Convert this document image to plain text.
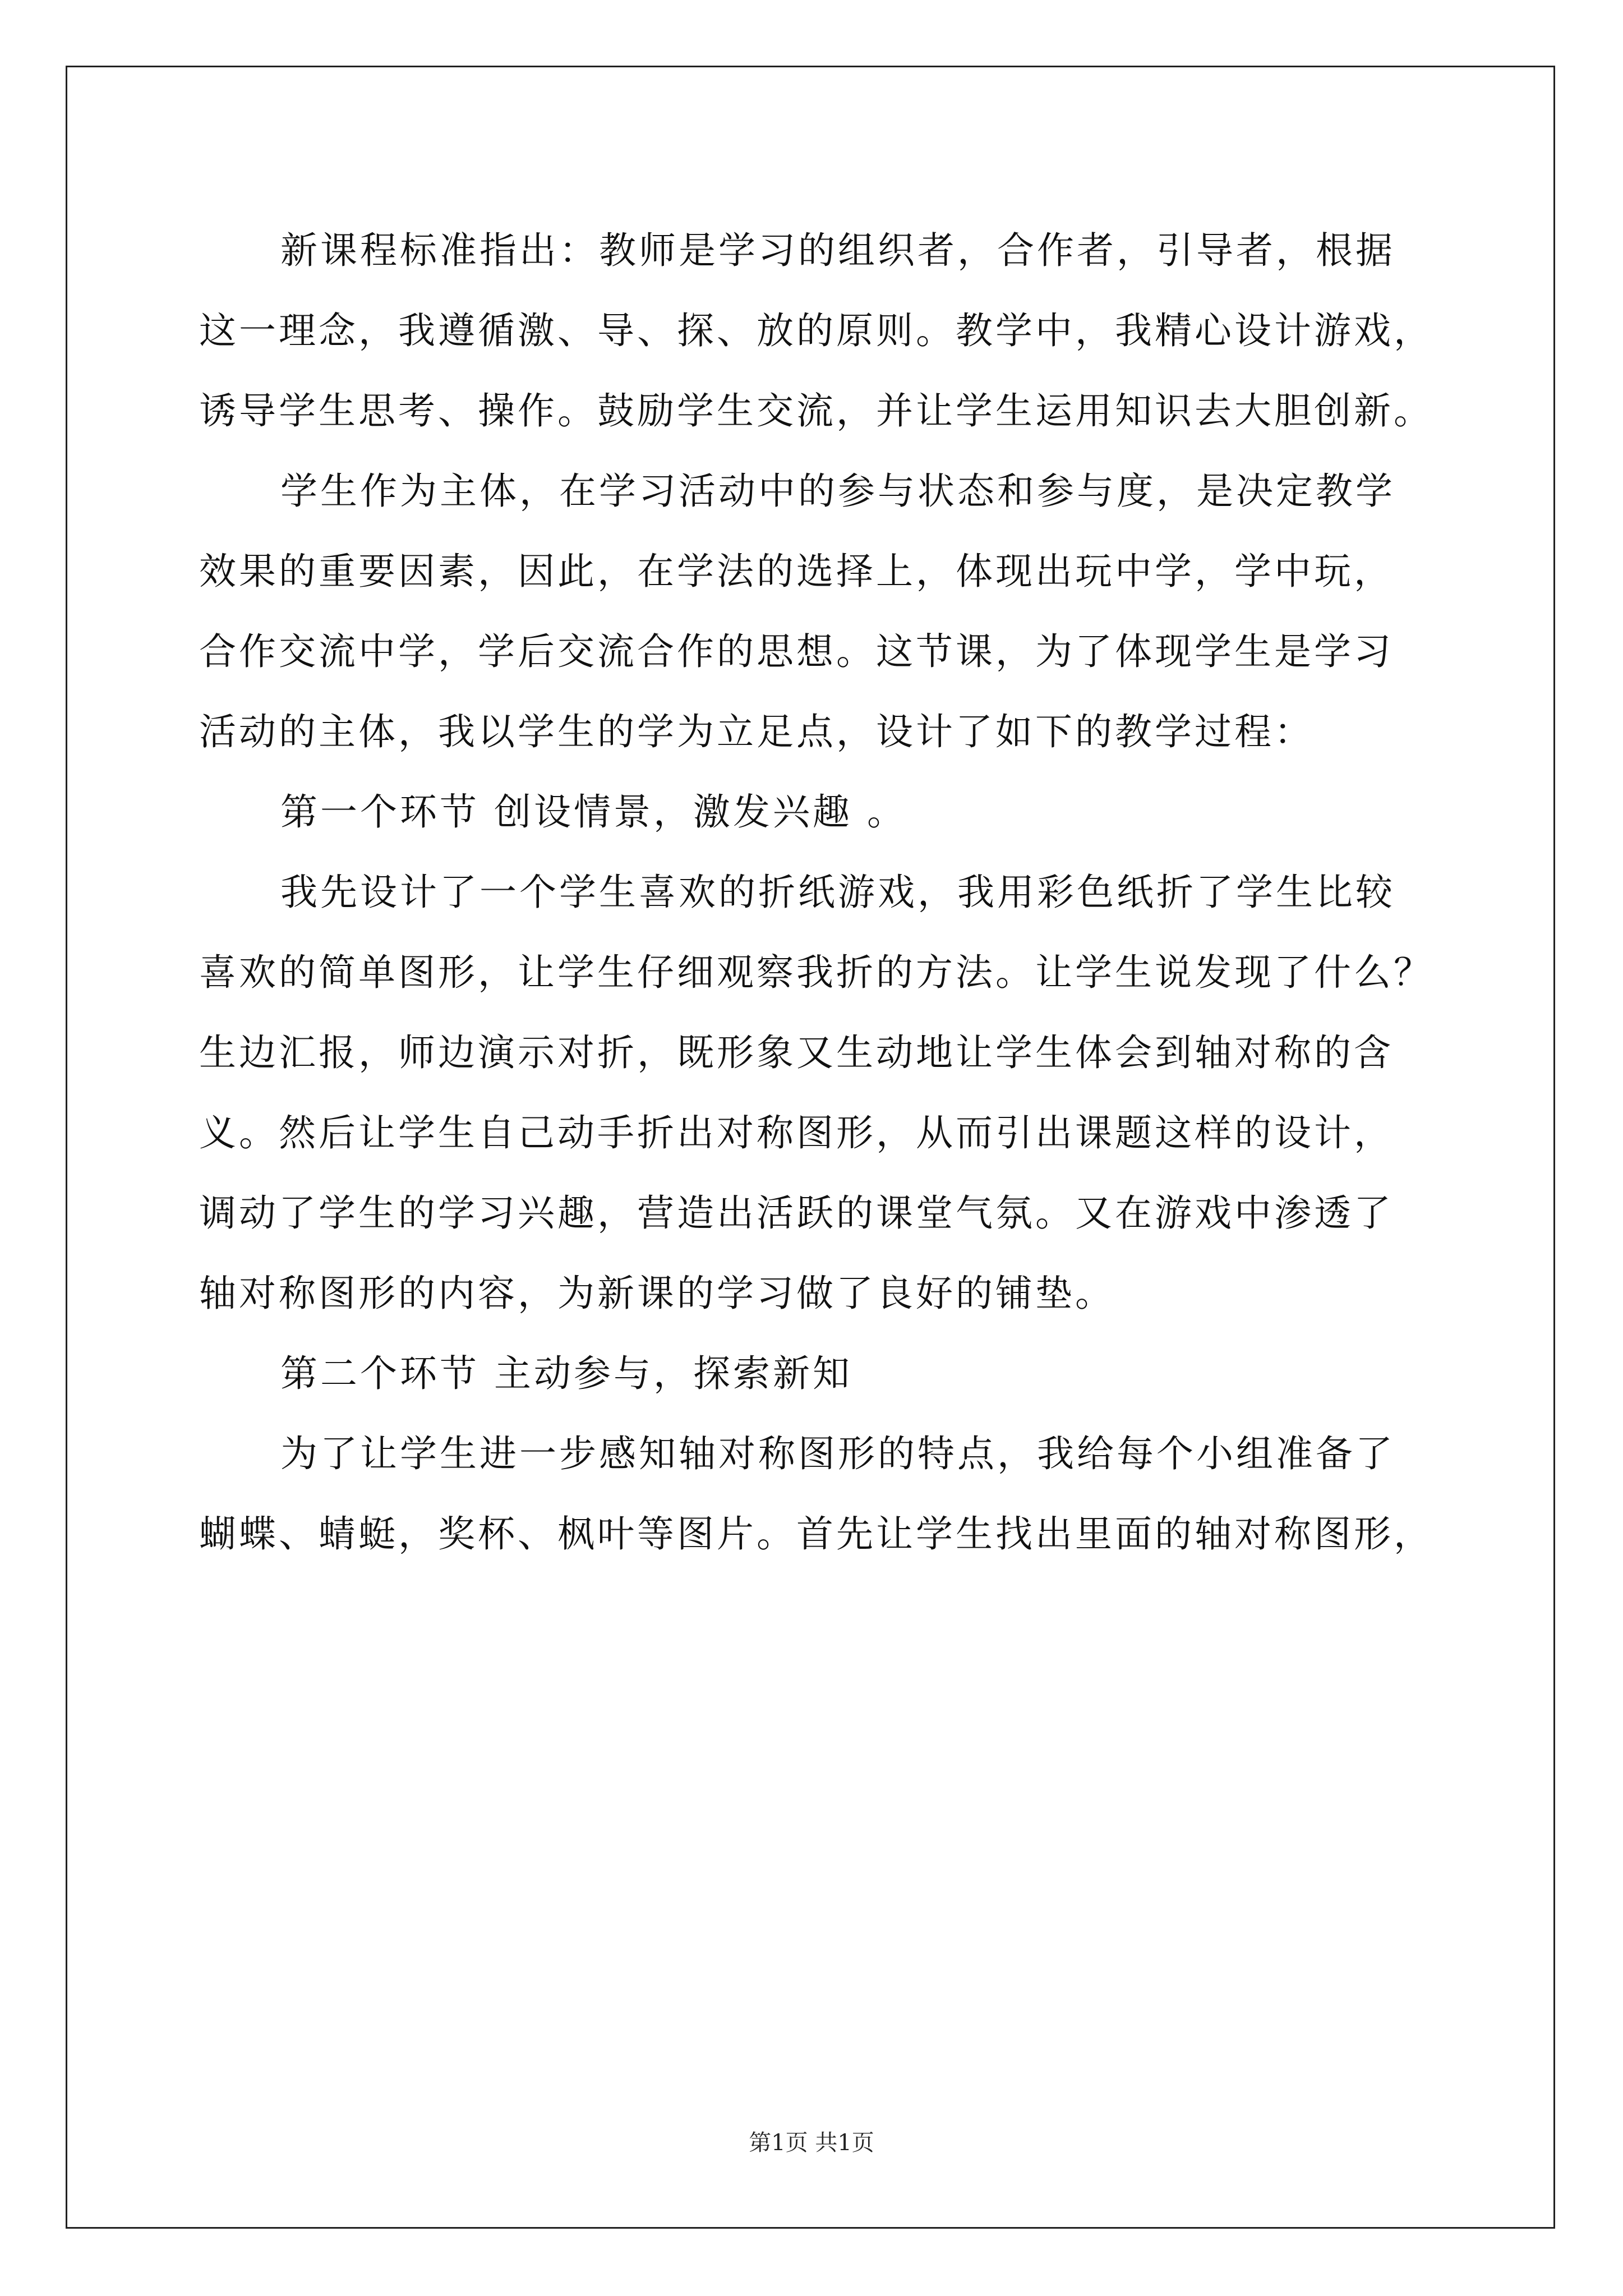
新课程标准指出：教师是学习的组织者，合作者，引导者，根据
这一理念，我遵循激、导、探、放的原则。教学中，我精心设计游戏，
诱导学生思考、操作。鼓励学生交流，并让学生运用知识去大胆创新。

学生作为主体，在学习活动中的参与状态和参与度，是决定教学
效果的重要因素，因此，在学法的选择上，体现出玩中学，学中玩，
合作交流中学，学后交流合作的思想。这节课，为了体现学生是学习
活动的主体，我以学生的学为立足点，设计了如下的教学过程：

第一个环节 创设情景，激发兴趣 。

我先设计了一个学生喜欢的折纸游戏，我用彩色纸折了学生比较
喜欢的简单图形，让学生仔细观察我折的方法。让学生说发现了什么？
生边汇报，师边演示对折，既形象又生动地让学生体会到轴对称的含
义。然后让学生自己动手折出对称图形，从而引出课题这样的设计，
调动了学生的学习兴趣，营造出活跃的课堂气氛。又在游戏中渗透了
轴对称图形的内容，为新课的学习做了良好的铺垫。

第二个环节 主动参与，探索新知

为了让学生进一步感知轴对称图形的特点，我给每个小组准备了
蝴蝶、蜻蜓，奖杯、枫叶等图片。首先让学生找出里面的轴对称图形，

第1页 共1页
